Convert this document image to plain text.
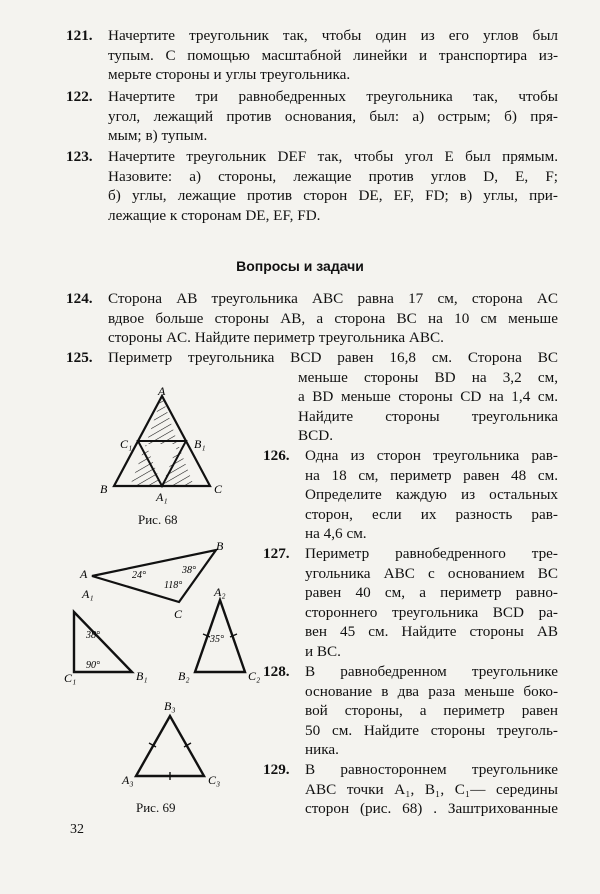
121. Начертите треугольник так, чтобы один из его углов был
тупым. С помощью масштабной линейки и транспортира из-
мерьте стороны и углы треугольника.
122. Начертите три равнобедренных треугольника так, чтобы
угол, лежащий против основания, был: а) острым; б) пря-
мым; в) тупым.
123. Начертите треугольник DEF так, чтобы угол E был прямым.
Назовите: а) стороны, лежащие против углов D, E, F;
б) углы, лежащие против сторон DE, EF, FD; в) углы, при-
лежащие к сторонам DE, EF, FD.
Вопросы и задачи
124. Сторона AB треугольника ABC равна 17 см, сторона AC
вдвое больше стороны AB, а сторона BC на 10 см меньше
стороны AC. Найдите периметр треугольника ABC.
125. Периметр треугольника BCD равен 16,8 см. Сторона BC
меньше стороны BD на 3,2 см,
а BD меньше стороны CD на 1,4 см.
Найдите стороны треугольника
BCD.
126. Одна из сторон треугольника рав-
на 18 см, периметр равен 48 см.
Определите каждую из остальных
сторон, если их разность рав-
на 4,6 см.
127. Периметр равнобедренного тре-
угольника ABC с основанием BC
равен 40 см, а периметр равно-
стороннего треугольника BCD ра-
вен 45 см. Найдите стороны AB
и BC.
128. В равнобедренном треугольнике
основание в два раза меньше боко-
вой стороны, а периметр равен
50 см. Найдите стороны треуголь-
ника.
129. В равностороннем треугольнике
ABC точки A₁, B₁, C₁— середины
сторон (рис. 68) . Заштрихованные
A
B	C
A₁
B₁
C₁
Рис. 68
A
B
C
24°	38°
118°
A₁
B₁
C₁
38°
90°
A₂
B₂	C₂
35°
A₃
B₃
C₃
Рис. 69
32
